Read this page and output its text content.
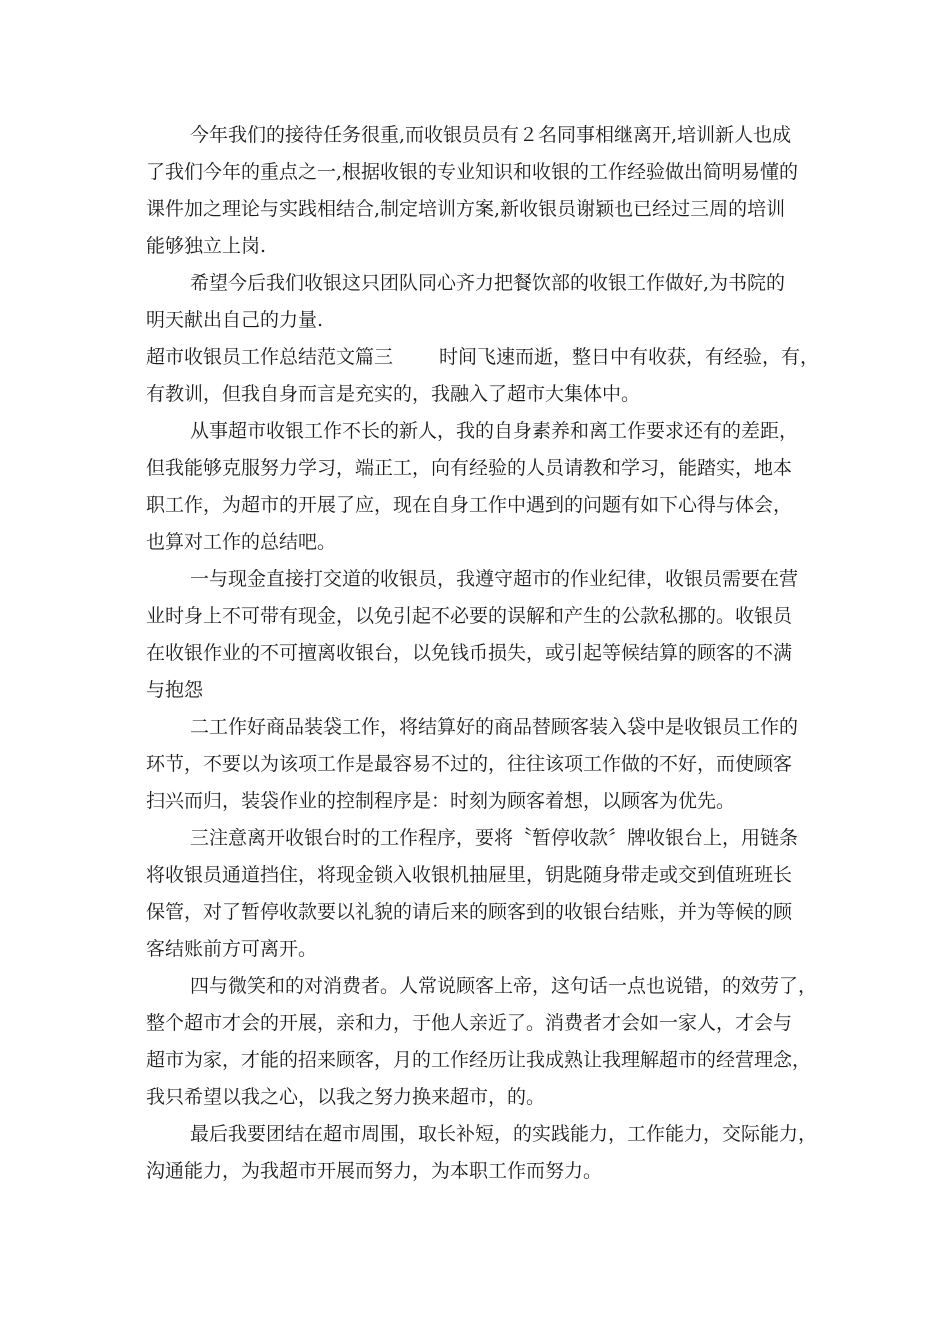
今年我们的接待任务很重,而收银员员有２名同事相继离开,培训新人也成
了我们今年的重点之一,根据收银的专业知识和收银的工作经验做出简明易懂的
课件加之理论与实践相结合,制定培训方案,新收银员谢颖也已经过三周的培训
能够独立上岗.
希望今后我们收银这只团队同心齐力把餐饮部的收银工作做好,为书院的
明天献出自己的力量.
超市收银员工作总结范文篇三 时间飞速而逝，整日中有收获，有经验，有，
有教训，但我自身而言是充实的，我融入了超市大集体中。
从事超市收银工作不长的新人，我的自身素养和离工作要求还有的差距，
但我能够克服努力学习，端正工，向有经验的人员请教和学习，能踏实，地本
职工作，为超市的开展了应，现在自身工作中遇到的问题有如下心得与体会，
也算对工作的总结吧。
一与现金直接打交道的收银员，我遵守超市的作业纪律，收银员需要在营
业时身上不可带有现金，以免引起不必要的误解和产生的公款私挪的。收银员
在收银作业的不可擅离收银台，以免钱币损失，或引起等候结算的顾客的不满
与抱怨
二工作好商品装袋工作，将结算好的商品替顾客装入袋中是收银员工作的
环节，不要以为该项工作是最容易不过的，往往该项工作做的不好，而使顾客
扫兴而归，装袋作业的控制程序是：时刻为顾客着想，以顾客为优先。
三注意离开收银台时的工作程序，要将〝暂停收款〞牌收银台上，用链条
将收银员通道挡住，将现金锁入收银机抽屉里，钥匙随身带走或交到值班班长
保管，对了暂停收款要以礼貌的请后来的顾客到的收银台结账，并为等候的顾
客结账前方可离开。
四与微笑和的对消费者。人常说顾客上帝，这句话一点也说错，的效劳了，
整个超市才会的开展，亲和力，于他人亲近了。消费者才会如一家人，才会与
超市为家，才能的招来顾客，月的工作经历让我成熟让我理解超市的经营理念，
我只希望以我之心，以我之努力换来超市，的。
最后我要团结在超市周围，取长补短，的实践能力，工作能力，交际能力，
沟通能力，为我超市开展而努力，为本职工作而努力。
